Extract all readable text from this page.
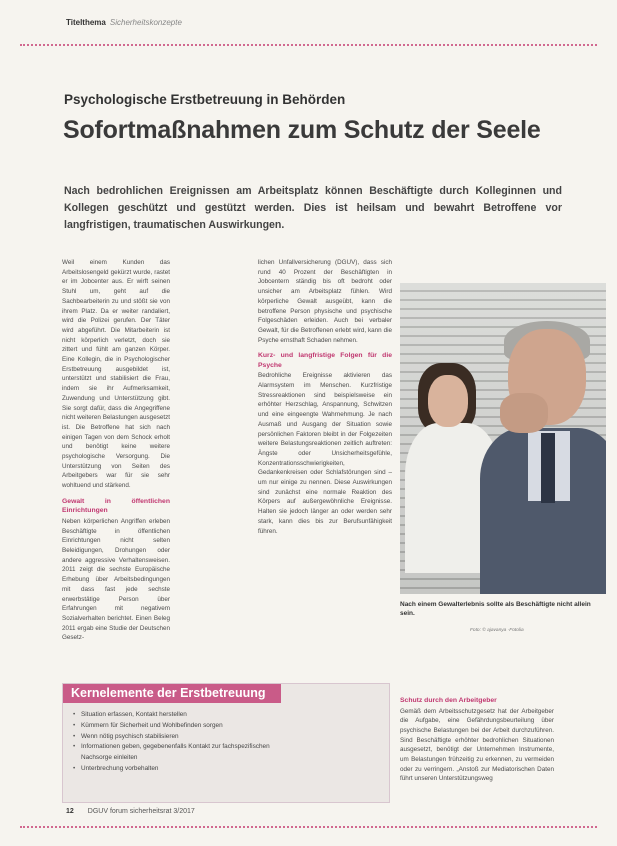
Titelthema Sicherheitskonzepte
Psychologische Erstbetreuung in Behörden
Sofortmaßnahmen zum Schutz der Seele
Nach bedrohlichen Ereignissen am Arbeitsplatz können Beschäftigte durch Kolleginnen und Kollegen geschützt und gestützt werden. Dies ist heilsam und bewahrt Betroffene vor langfristigen, traumatischen Auswirkungen.

Weil einem Kunden das Arbeitslosengeld gekürzt wurde, rastet er im Jobcenter aus. Er wirft seinen Stuhl um, geht auf die Sachbearbeiterin zu und stößt sie von ihrem Platz. Da er weiter randaliert, wird die Polizei gerufen. Der Täter wird abgeführt. Die Mitarbeiterin ist nicht körperlich verletzt, doch sie zittert und fühlt am ganzen Körper. Eine Kollegin, die in Psychologischer Erstbetreuung ausgebildet ist, unterstützt und stabilisiert die Frau, indem sie ihr Aufmerksamkeit, Zuwendung und Unterstützung gibt. Sie sorgt dafür, dass die Angegriffene nicht weiteren Belastungen ausgesetzt ist. Die Betroffene hat sich nach einigen Tagen von dem Schock erholt und benötigt keine weitere psychologische Versorgung. Die Unterstützung von Seiten des Arbeitgebers war für sie sehr wohltuend und stärkend.

Gewalt in öffentlichen Einrichtungen

Neben körperlichen Angriffen erleben Beschäftigte in öffentlichen Einrichtungen nicht selten Beleidigungen, Drohungen oder andere aggressive Verhaltensweisen. 2011 zeigt die sechste Europäische Erhebung über Arbeitsbedingungen mit dass fast jede sechste erwerbstätige Person über Erfahrungen mit negativem Sozialverhalten berichtet. Einen Beleg 2011 ergab eine Studie der Deutschen Gesetz-

lichen Unfallversicherung (DGUV), dass sich rund 40 Prozent der Beschäftigten in Jobcentern ständig bis oft bedroht oder unsicher am Arbeitsplatz fühlen. Wird körperliche Gewalt ausgeübt, kann die betroffene Person physische und psychische Folgeschäden erleiden. Auch bei verbaler Gewalt, für die Betroffenen erlebt wird, kann die Psyche ernsthaft Schaden nehmen.

Kurz- und langfristige Folgen für die Psyche

Bedrohliche Ereignisse aktivieren das Alarmsystem im Menschen. Kurzfristige Stressreaktionen sind beispielsweise ein erhöhter Herzschlag, Anspannung, Schwitzen und eine eingeengte Wahrnehmung. Je nach Ausmaß und Ausgang der Situation sowie persönlichen Faktoren bleibt in der Folgezeiten weitere Belastungsreaktionen zeitlich auftreten: Ängste oder Unsicherheitsgefühle, Konzentrationsschwierigkeiten, Gedankenkreisen oder Schlafstörungen sind – um nur einige zu nennen. Diese Auswirkungen sind zunächst eine normale Reaktion des Körpers auf außergewöhnliche Ereignisse. Halten sie jedoch länger an oder werden sehr stark, kann dies bis zur Berufsunfähigkeit führen.

Nach einem Gewalterlebnis sollte als Beschäftigte nicht allein sein.
Foto: © ajavanya ·Fotolia
Schutz durch den Arbeitgeber

Gemäß dem Arbeitsschutzgesetz hat der Arbeitgeber die Aufgabe, eine Gefährdungsbeurteilung über psychische Belastungen bei der Arbeit durchzuführen. Sind Beschäftigte erhöhter bedrohlichen Situationen ausgesetzt, benötigt der Unternehmen Instrumente, um Belastungen frühzeitig zu erkennen, zu vermeiden oder zu verringern. „Anstoß zur Mediatorischen Daten führt unseren Unterstützungsweg

Kernelemente der Erstbetreuung
• Situation erfassen, Kontakt herstellen
• Kümmern für Sicherheit und Wohlbefinden sorgen
• Wenn nötig psychisch stabilisieren
• Informationen geben, gegebenenfalls Kontakt zur fachspezifischen
Nachsorge einleiten
• Unterbrechung vorbehalten
12 DGUV forum sicherheitsrat 3/2017
